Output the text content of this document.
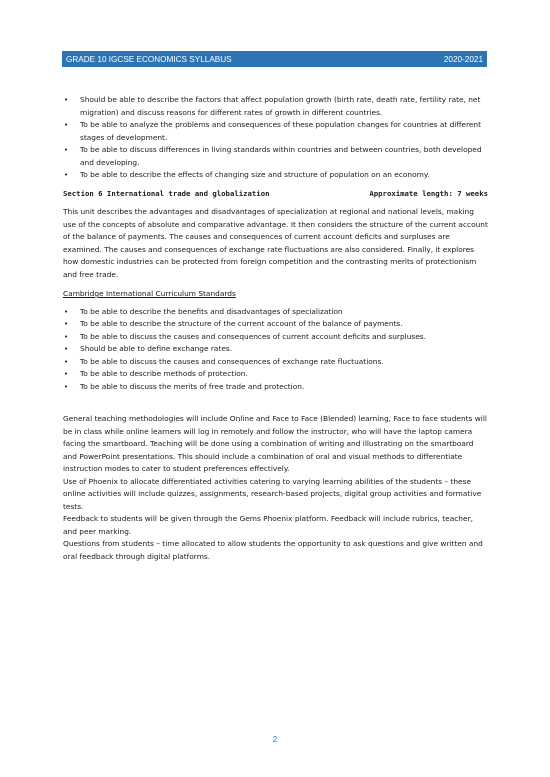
GRADE 10 IGCSE ECONOMICS SYLLABUS	2020-2021
• Should be able to describe the factors that affect population growth (birth rate, death rate, fertility rate, net migration) and discuss reasons for different rates of growth in different countries.
• To be able to analyze the problems and consequences of these population changes for countries at different stages of development.
• To be able to discuss differences in living standards within countries and between countries, both developed and developing.
• To be able to describe the effects of changing size and structure of population on an economy.
Section 6 International trade and globalization	Approximate length: 7 weeks

This unit describes the advantages and disadvantages of specialization at regional and national levels, making use of the concepts of absolute and comparative advantage. It then considers the structure of the current account of the balance of payments. The causes and consequences of current account deficits and surpluses are examined. The causes and consequences of exchange rate fluctuations are also considered. Finally, it explores how domestic industries can be protected from foreign competition and the contrasting merits of protectionism and free trade.

Cambridge International Curriculum Standards
• To be able to describe the benefits and disadvantages of specialization
• To be able to describe the structure of the current account of the balance of payments.
• To be able to discuss the causes and consequences of current account deficits and surpluses.
• Should be able to define exchange rates.
• To be able to discuss the causes and consequences of exchange rate fluctuations.
• To be able to describe methods of protection.
• To be able to discuss the merits of free trade and protection.
General teaching methodologies will include Online and Face to Face (Blended) learning, Face to face students will be in class while online learners will log in remotely and follow the instructor, who will have the laptop camera facing the smartboard. Teaching will be done using a combination of writing and illustrating on the smartboard and PowerPoint presentations. This should include a combination of oral and visual methods to differentiate instruction modes to cater to student preferences effectively.
Use of Phoenix to allocate differentiated activities catering to varying learning abilities of the students – these online activities will include quizzes, assignments, research-based projects, digital group activities and formative tests.
Feedback to students will be given through the Gems Phoenix platform. Feedback will include rubrics, teacher, and peer marking.
Questions from students – time allocated to allow students the opportunity to ask questions and give written and oral feedback through digital platforms.
2
